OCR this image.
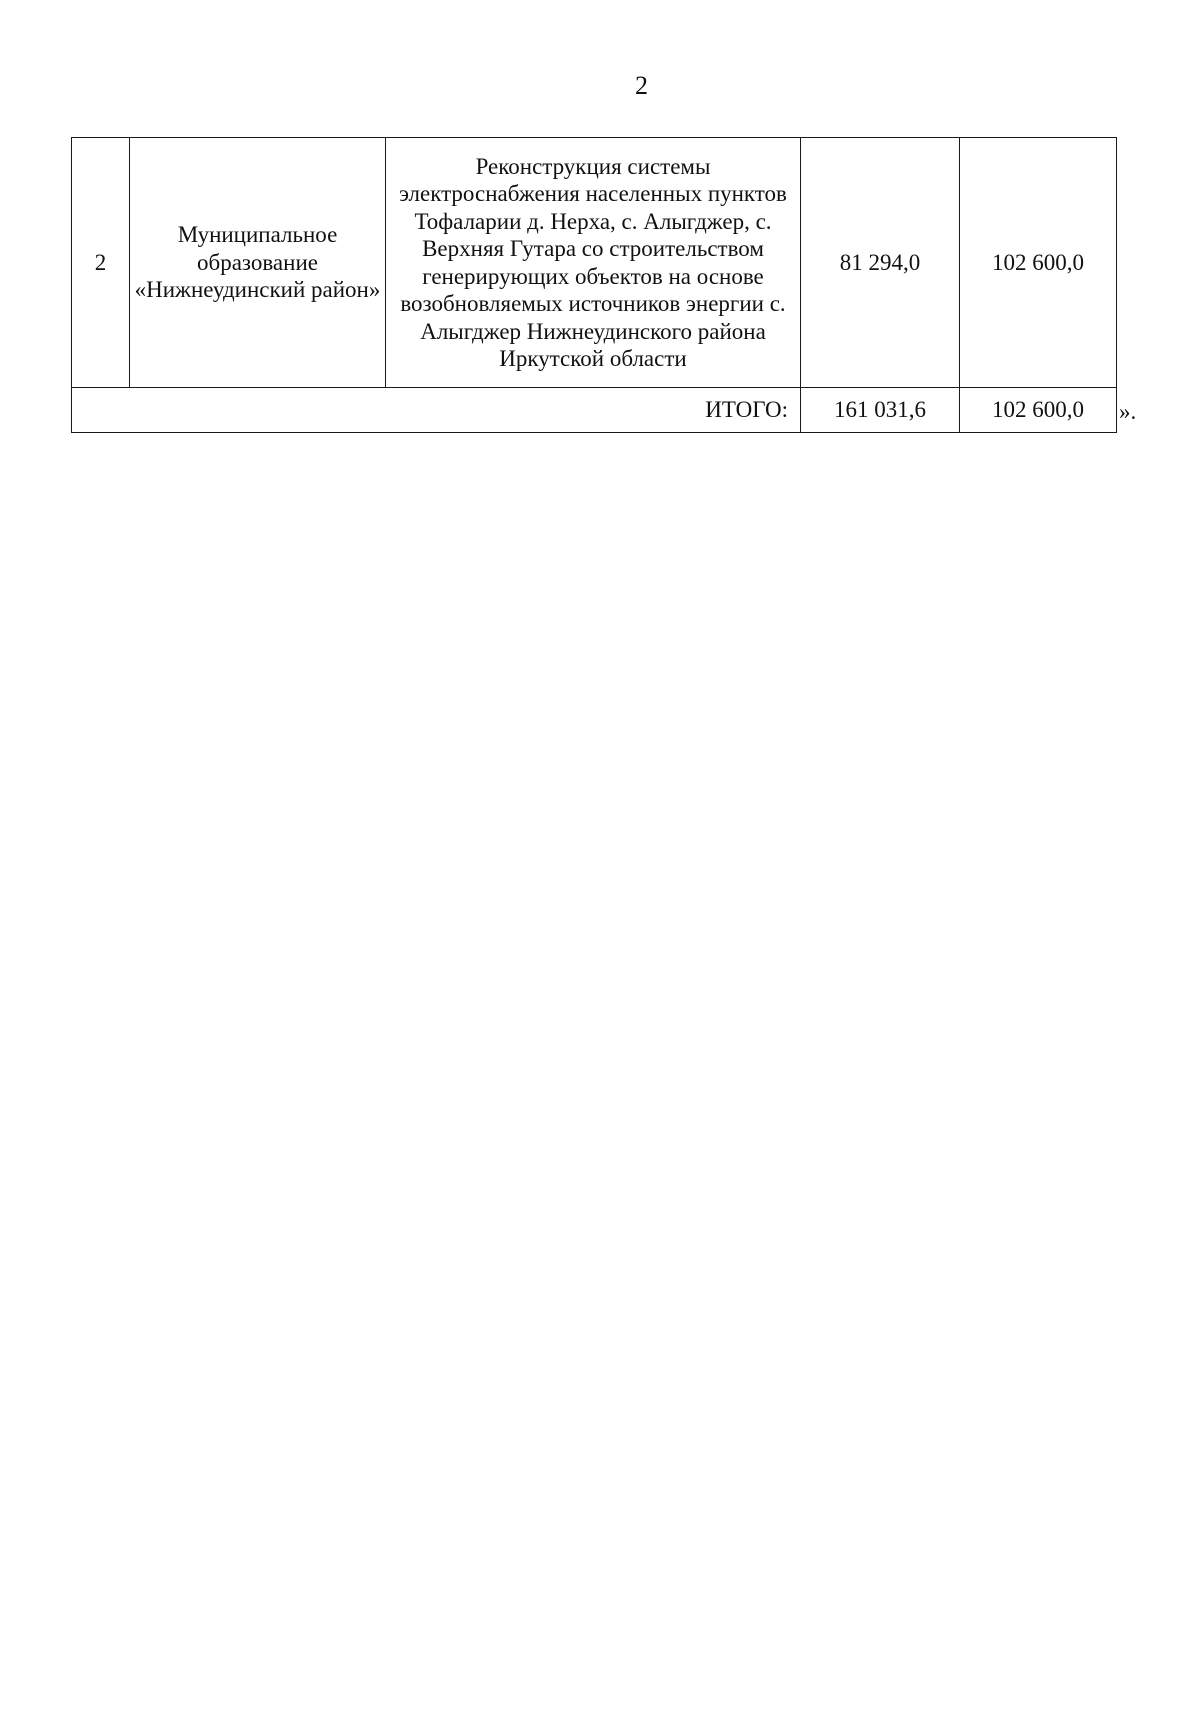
2
2	Муниципальное образование «Нижнеудинский район»	Реконструкция системы электроснабжения населенных пунктов Тофаларии д. Нерха, с. Алыгджер, с. Верхняя Гутара со строительством генерирующих объектов на основе возобновляемых источников энергии с. Алыгджер Нижнеудинского района Иркутской области	81 294,0	102 600,0
ИТОГО:			161 031,6	102 600,0 ».
